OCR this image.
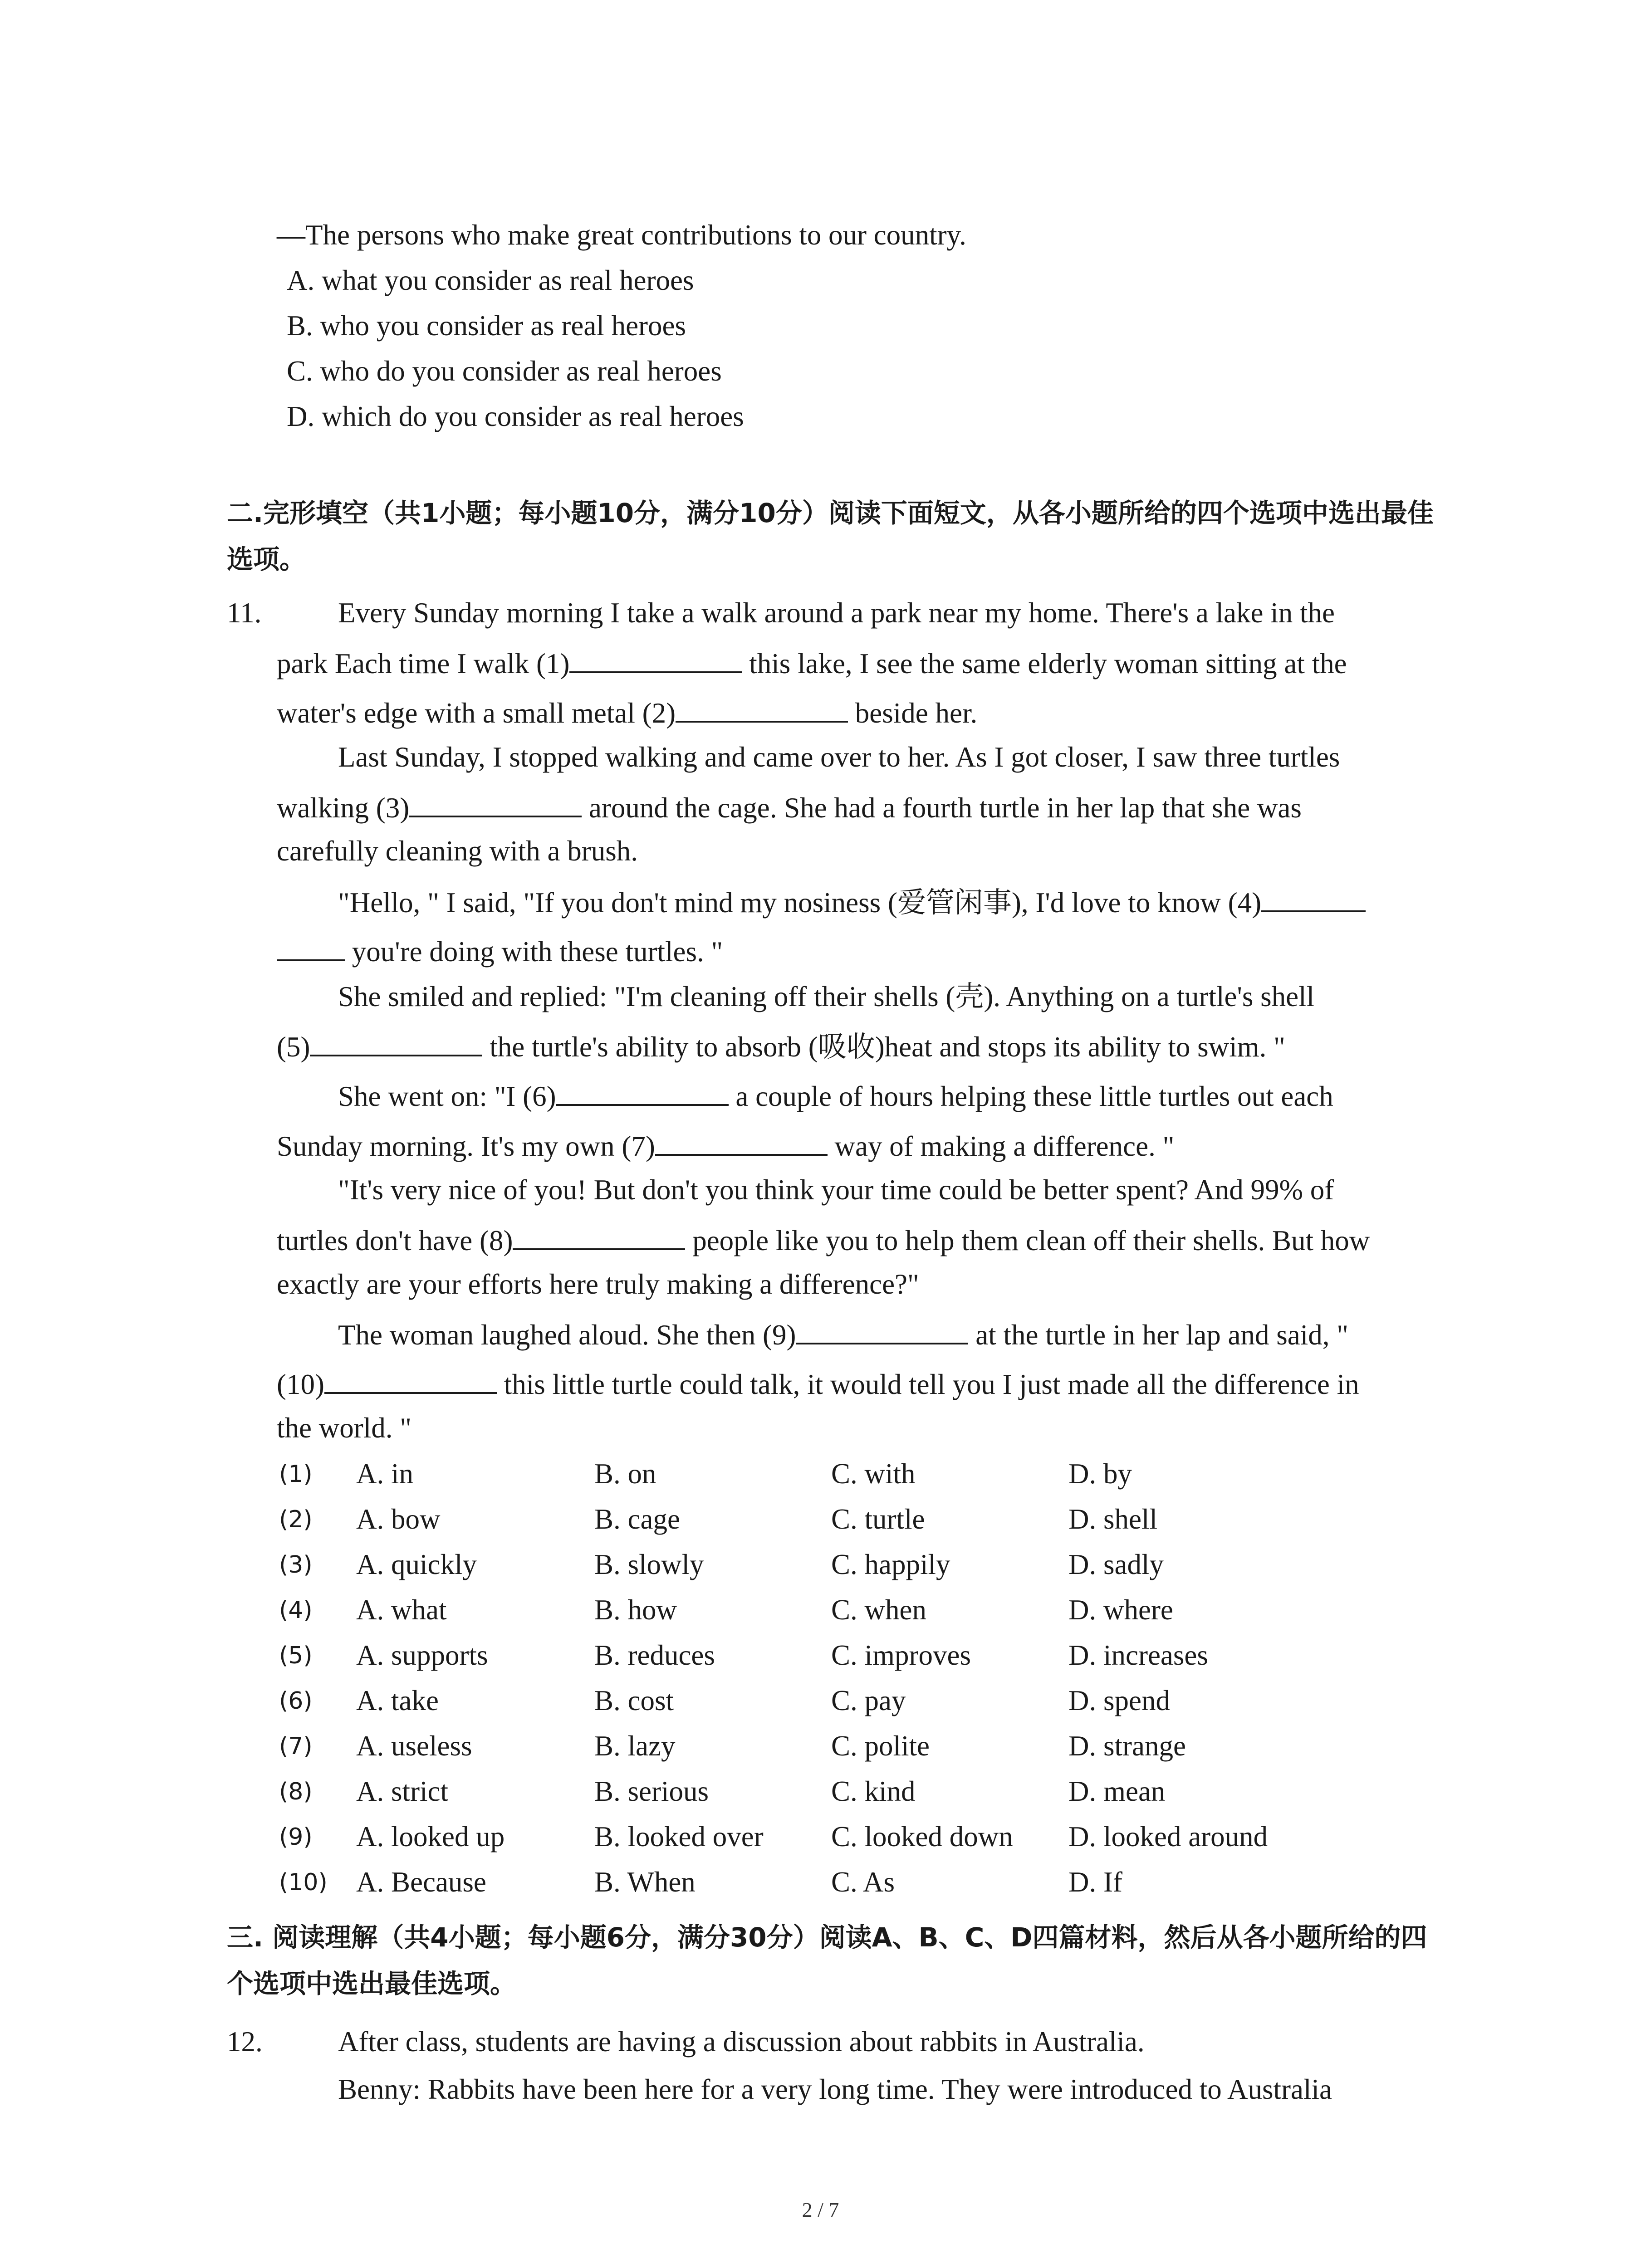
—The persons who make great contributions to our country.
A. what you consider as real heroes
B. who you consider as real heroes
C. who do you consider as real heroes
D. which do you consider as real heroes
二.完形填空（共1小题；每小题10分，满分10分）阅读下面短文，从各小题所给的四个选项中选出最佳选项。
11.	Every Sunday morning I take a walk around a park near my home. There's a lake in the
park Each time I walk (1)	this lake, I see the same elderly woman sitting at the
water's edge with a small metal (2)	beside her.
Last Sunday, I stopped walking and came over to her. As I got closer, I saw three turtles
walking (3)	around the cage. She had a fourth turtle in her lap that she was
carefully cleaning with a brush.
"Hello, " I said, "If you don't mind my nosiness (爱管闲事), I'd love to know (4)
you're doing with these turtles. "
She smiled and replied: "I'm cleaning off their shells (壳). Anything on a turtle's shell
(5)	the turtle's ability to absorb (吸收)heat and stops its ability to swim. "
She went on: "I (6)	a couple of hours helping these little turtles out each
Sunday morning. It's my own (7)	way of making a difference. "
"It's very nice of you! But don't you think your time could be better spent? And 99% of
turtles don't have (8)	people like you to help them clean off their shells. But how
exactly are your efforts here truly making a difference?"
The woman laughed aloud. She then (9)	at the turtle in her lap and said, "
(10)	this little turtle could talk, it would tell you I just made all the difference in
the world. "
(1) A. in	B. on	C. with	D. by
(2) A. bow	B. cage	C. turtle	D. shell
(3) A. quickly	B. slowly	C. happily	D. sadly
(4) A. what	B. how	C. when	D. where
(5) A. supports	B. reduces	C. improves	D. increases
(6) A. take	B. cost	C. pay	D. spend
(7) A. useless	B. lazy	C. polite	D. strange
(8) A. strict	B. serious	C. kind	D. mean
(9) A. looked up	B. looked over C. looked down D. looked around
(10) A. Because	B. When	C. As	D. If
三. 阅读理解（共4小题；每小题6分，满分30分）阅读A、B、C、D四篇材料，然后从各小题所给的四个选项中选出最佳选项。
12.	After class, students are having a discussion about rabbits in Australia.
Benny: Rabbits have been here for a very long time. They were introduced to Australia
2 / 7
